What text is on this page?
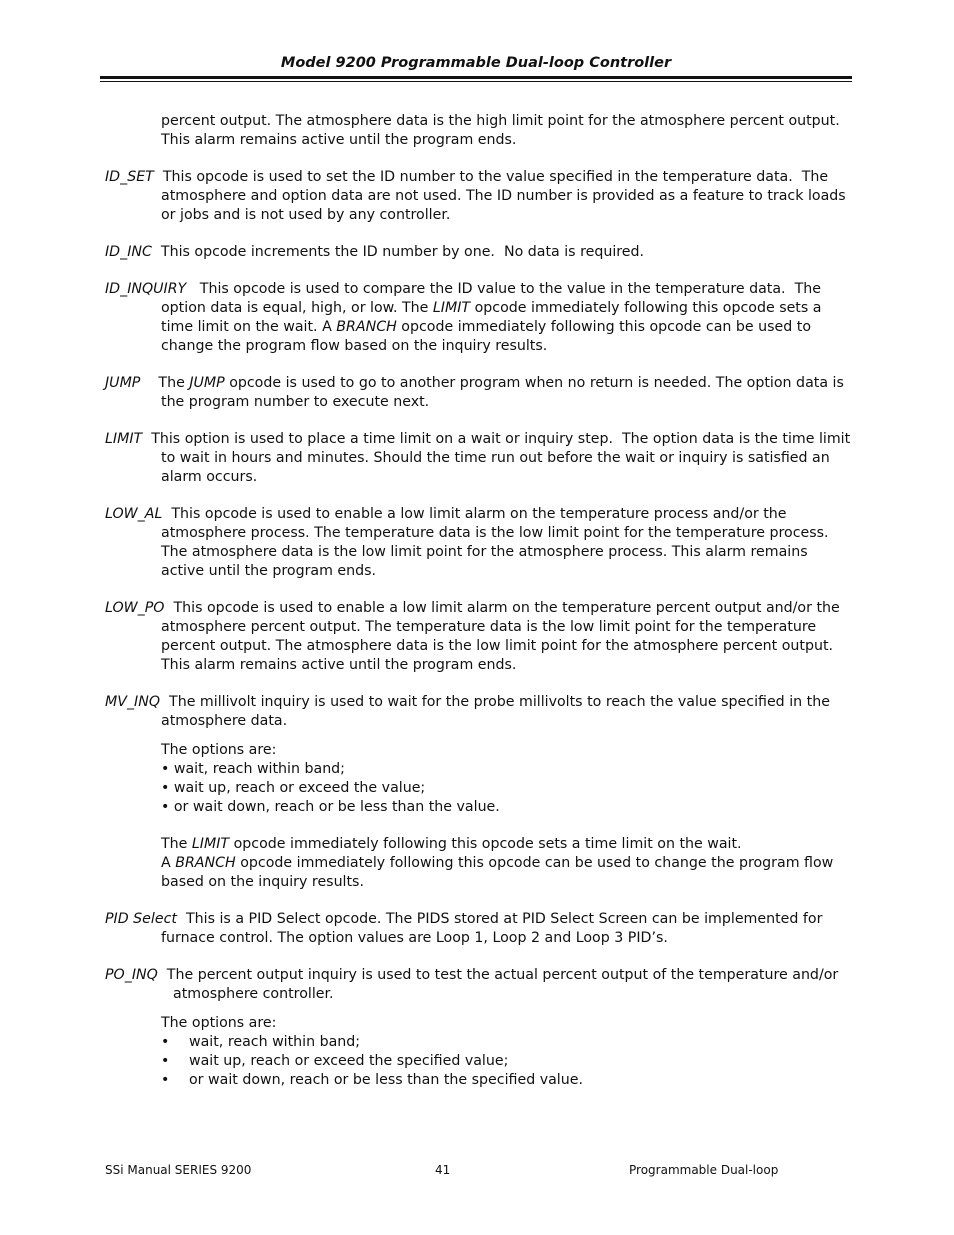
Model 9200 Programmable Dual-loop Controller
percent output. The atmosphere data is the high limit point for the atmosphere percent output.
This alarm remains active until the program ends.
ID_SET  This opcode is used to set the ID number to the value specified in the temperature data.  The
atmosphere and option data are not used. The ID number is provided as a feature to track loads or jobs and is not used by any controller.
ID_INC  This opcode increments the ID number by one.  No data is required.
ID_INQUIRY   This opcode is used to compare the ID value to the value in the temperature data.  The
option data is equal, high, or low. The LIMIT opcode immediately following this opcode sets a time limit on the wait. A BRANCH opcode immediately following this opcode can be used to change the program flow based on the inquiry results.
JUMP    The JUMP opcode is used to go to another program when no return is needed. The option data is
the program number to execute next.
LIMIT  This option is used to place a time limit on a wait or inquiry step.  The option data is the time limit
to wait in hours and minutes. Should the time run out before the wait or inquiry is satisfied an alarm occurs.
LOW_AL  This opcode is used to enable a low limit alarm on the temperature process and/or the
atmosphere process. The temperature data is the low limit point for the temperature process. The atmosphere data is the low limit point for the atmosphere process. This alarm remains active until the program ends.
LOW_PO  This opcode is used to enable a low limit alarm on the temperature percent output and/or the
atmosphere percent output. The temperature data is the low limit point for the temperature percent output. The atmosphere data is the low limit point for the atmosphere percent output. This alarm remains active until the program ends.
MV_INQ  The millivolt inquiry is used to wait for the probe millivolts to reach the value specified in the
atmosphere data.
The options are:
• wait, reach within band;
• wait up, reach or exceed the value;
• or wait down, reach or be less than the value.
The LIMIT opcode immediately following this opcode sets a time limit on the wait.
A BRANCH opcode immediately following this opcode can be used to change the program flow based on the inquiry results.
PID Select  This is a PID Select opcode. The PIDS stored at PID Select Screen can be implemented for
furnace control. The option values are Loop 1, Loop 2 and Loop 3 PID’s.
PO_INQ  The percent output inquiry is used to test the actual percent output of the temperature and/or
atmosphere controller.
The options are:
• wait, reach within band;
• wait up, reach or exceed the specified value;
• or wait down, reach or be less than the specified value.
SSi Manual SERIES 9200	41	Programmable Dual-loop
